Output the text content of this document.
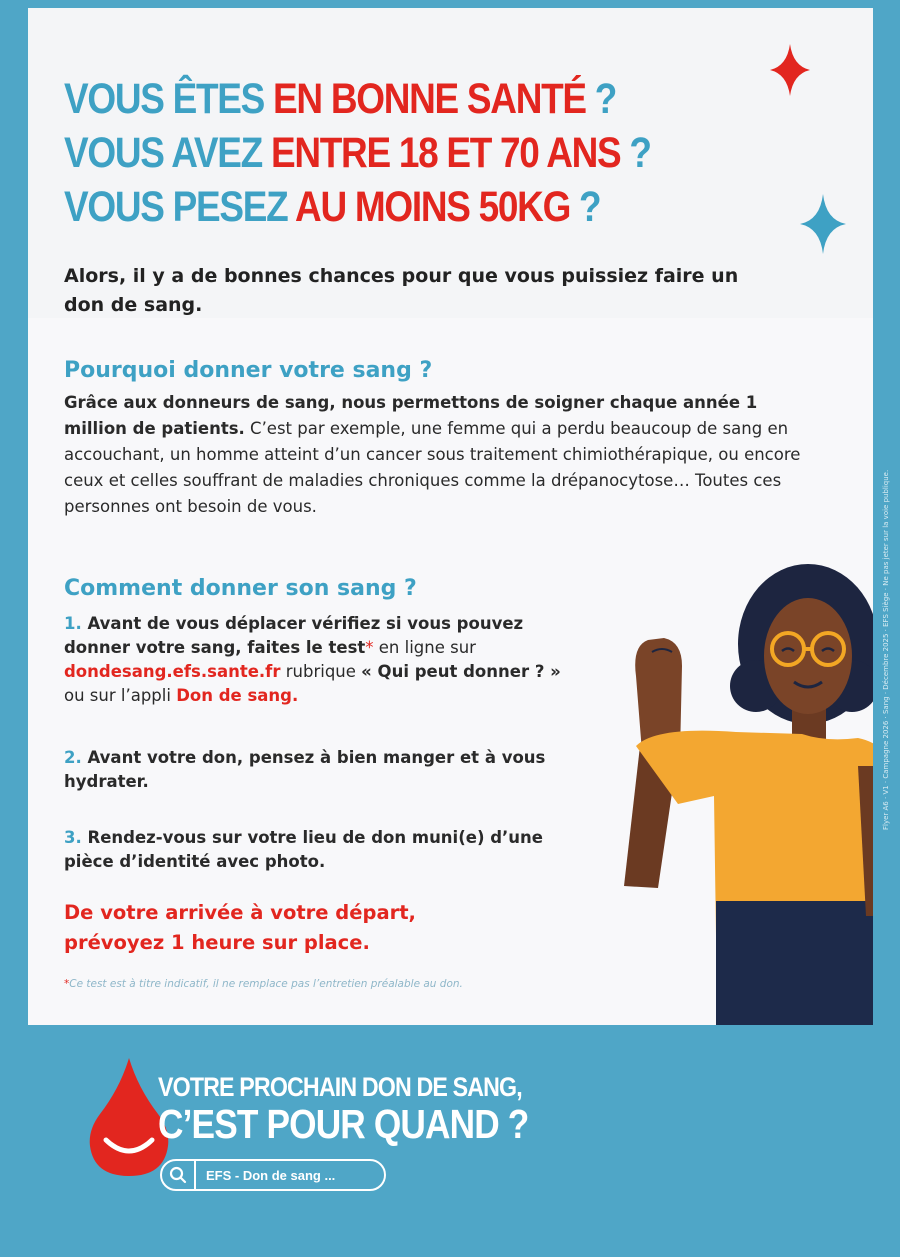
VOUS ÊTES EN BONNE SANTÉ ?
VOUS AVEZ ENTRE 18 ET 70 ANS ?
VOUS PESEZ AU MOINS 50KG ?

Alors, il y a de bonnes chances pour que vous puissiez faire un don de sang.

Pourquoi donner votre sang ?

Grâce aux donneurs de sang, nous permettons de soigner chaque année 1 million de patients. C’est par exemple, une femme qui a perdu beaucoup de sang en accouchant, un homme atteint d’un cancer sous traitement chimiothérapique, ou encore ceux et celles souffrant de maladies chroniques comme la drépanocytose… Toutes ces personnes ont besoin de vous.

Comment donner son sang ?

1. Avant de vous déplacer vérifiez si vous pouvez donner votre sang, faites le test* en ligne sur dondesang.efs.sante.fr rubrique « Qui peut donner ? » ou sur l’appli Don de sang.

2. Avant votre don, pensez à bien manger et à vous hydrater.

3. Rendez-vous sur votre lieu de don muni(e) d’une pièce d’identité avec photo.

De votre arrivée à votre départ,
prévoyez 1 heure sur place.

*Ce test est à titre indicatif, il ne remplace pas l’entretien préalable au don.

Flyer A6 · V1 · Campagne 2026 · Sang · Décembre 2025 · EFS Siège · Ne pas jeter sur la voie publique.
VOTRE PROCHAIN DON DE SANG,
C’EST POUR QUAND ?
EFS - Don de sang ...
